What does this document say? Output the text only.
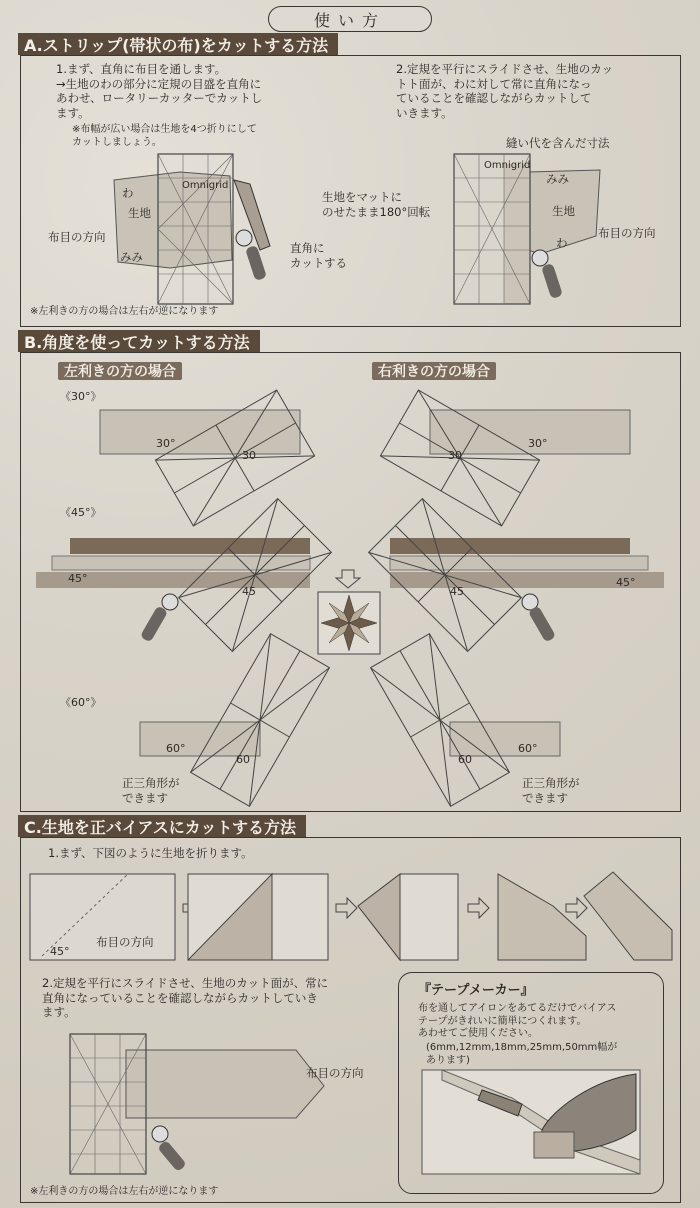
使い方
A.ストリップ(帯状の布)をカットする方法
1.まず、直角に布目を通します。
→生地のわの部分に定規の目盛を直角に
あわせ、ロータリーカッターでカットし
ます。
※布幅が広い場合は生地を4つ折りにして
カットしましょう。
2.定規を平行にスライドさせ、生地のカッ
トト面が、わに対して常に直角になっ
ていることを確認しながらカットして
いきます。
わ
生地
みみ
布目の方向
生地をマットに
のせたまま180°回転
直角に
カットする
Omnigrid
縫い代を含んだ寸法
みみ
生地
わ
布目の方向
Omnigrid
※左利きの方の場合は左右が逆になります
B.角度を使ってカットする方法
左利きの方の場合	右利きの方の場合
《30°》
《45°》
《60°》
30°	30°
45°	45°
60°	60°
30	30
45	45
60	60
正三角形が
できます
正三角形が
できます
C.生地を正バイアスにカットする方法
1.まず、下図のように生地を折ります。
45°
布目の方向
2.定規を平行にスライドさせ、生地のカット面が、常に
直角になっていることを確認しながらカットしていき
ます。
布目の方向
※左利きの方の場合は左右が逆になります
『テープメーカー』
布を通してアイロンをあてるだけでバイアス
テープがきれいに簡単につくれます。
あわせてご使用ください。
(6mm,12mm,18mm,25mm,50mm幅が
あります)
